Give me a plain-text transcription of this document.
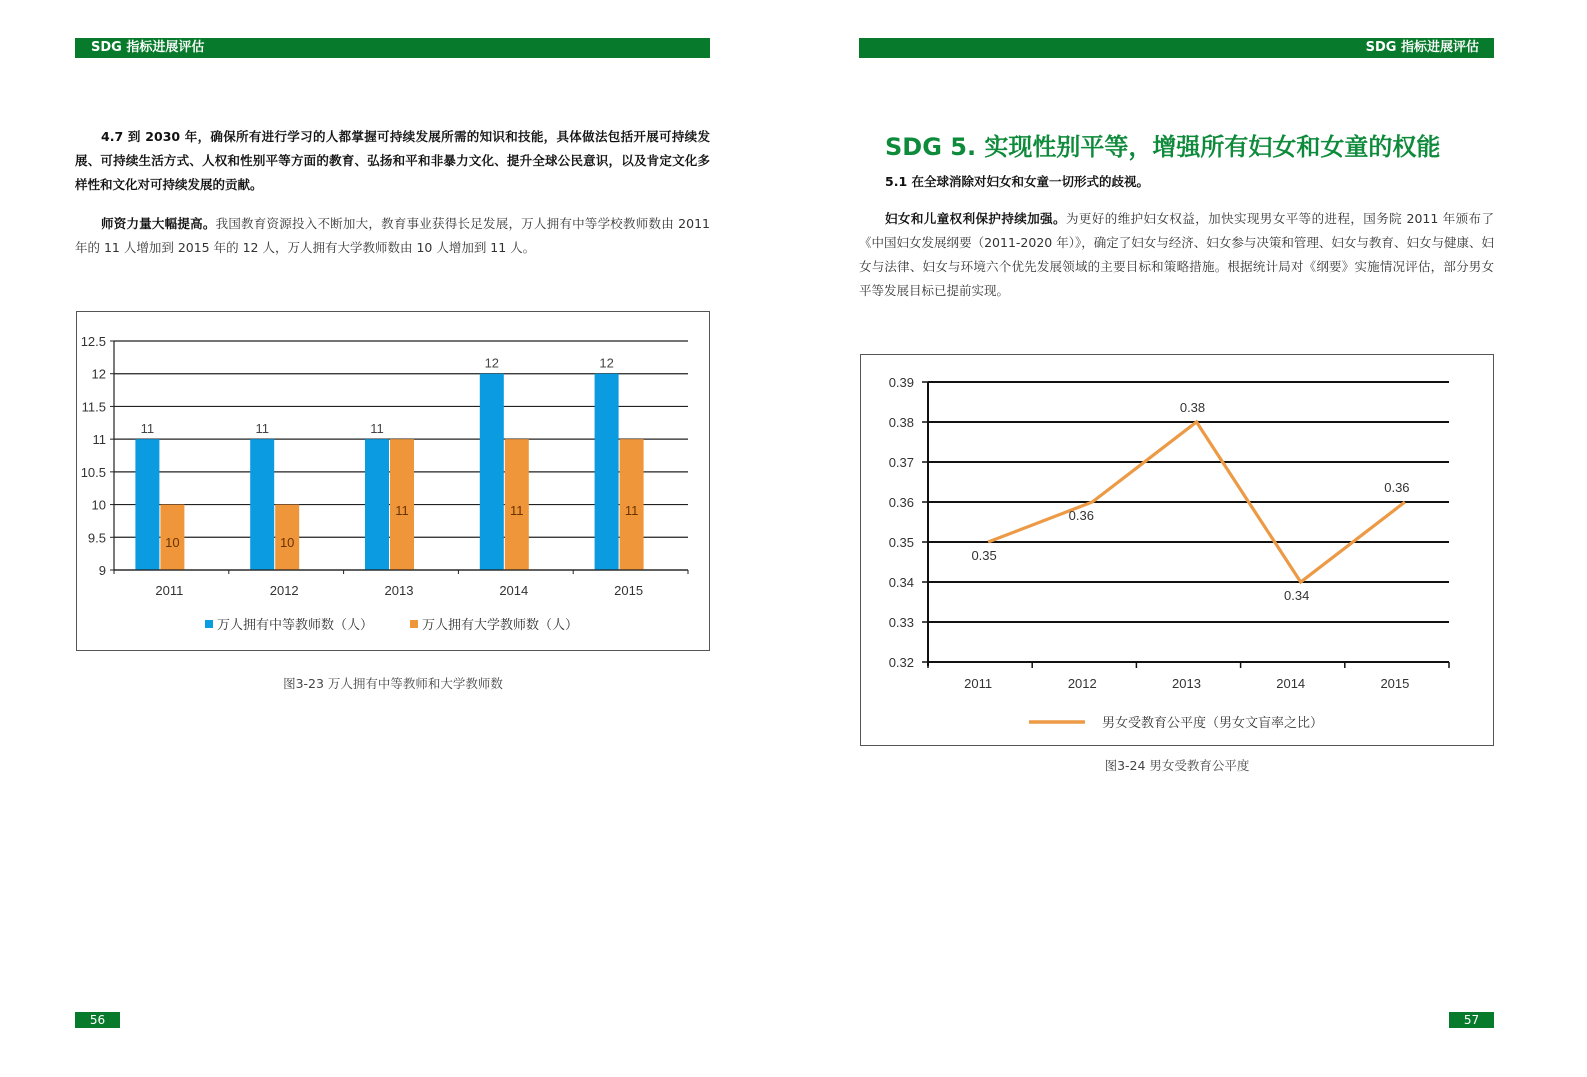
SDG 指标进展评估
4.7 到 2030 年，确保所有进行学习的人都掌握可持续发展所需的知识和技能，具体做法包括开展可持续发展、可持续生活方式、人权和性别平等方面的教育、弘扬和平和非暴力文化、提升全球公民意识，以及肯定文化多样性和文化对可持续发展的贡献。
师资力量大幅提高。我国教育资源投入不断加大，教育事业获得长足发展，万人拥有中等学校教师数由 2011 年的 11 人增加到 2015 年的 12 人，万人拥有大学教师数由 10 人增加到 11 人。
9
9.5
10
10.5
11
11.5
12
12.5
11
10
2011
11
10
2012
11
11
2013
12
11
2014
12
11
2015
万人拥有中等教师数（人）	万人拥有大学教师数（人）
图3-23 万人拥有中等教师和大学教师数
56
SDG 指标进展评估
SDG 5. 实现性别平等，增强所有妇女和女童的权能
5.1 在全球消除对妇女和女童一切形式的歧视。
妇女和儿童权利保护持续加强。为更好的维护妇女权益，加快实现男女平等的进程，国务院 2011 年颁布了《中国妇女发展纲要（2011-2020 年）》，确定了妇女与经济、妇女参与决策和管理、妇女与教育、妇女与健康、妇女与法律、妇女与环境六个优先发展领域的主要目标和策略措施。根据统计局对《纲要》实施情况评估，部分男女平等发展目标已提前实现。
0.32
0.33
0.34
0.35
0.36
0.37
0.38
0.39
0.35
0.36
0.38
0.34
0.36
2011	2012	2013	2014	2015
男女受教育公平度（男女文盲率之比）
图3-24 男女受教育公平度
57
